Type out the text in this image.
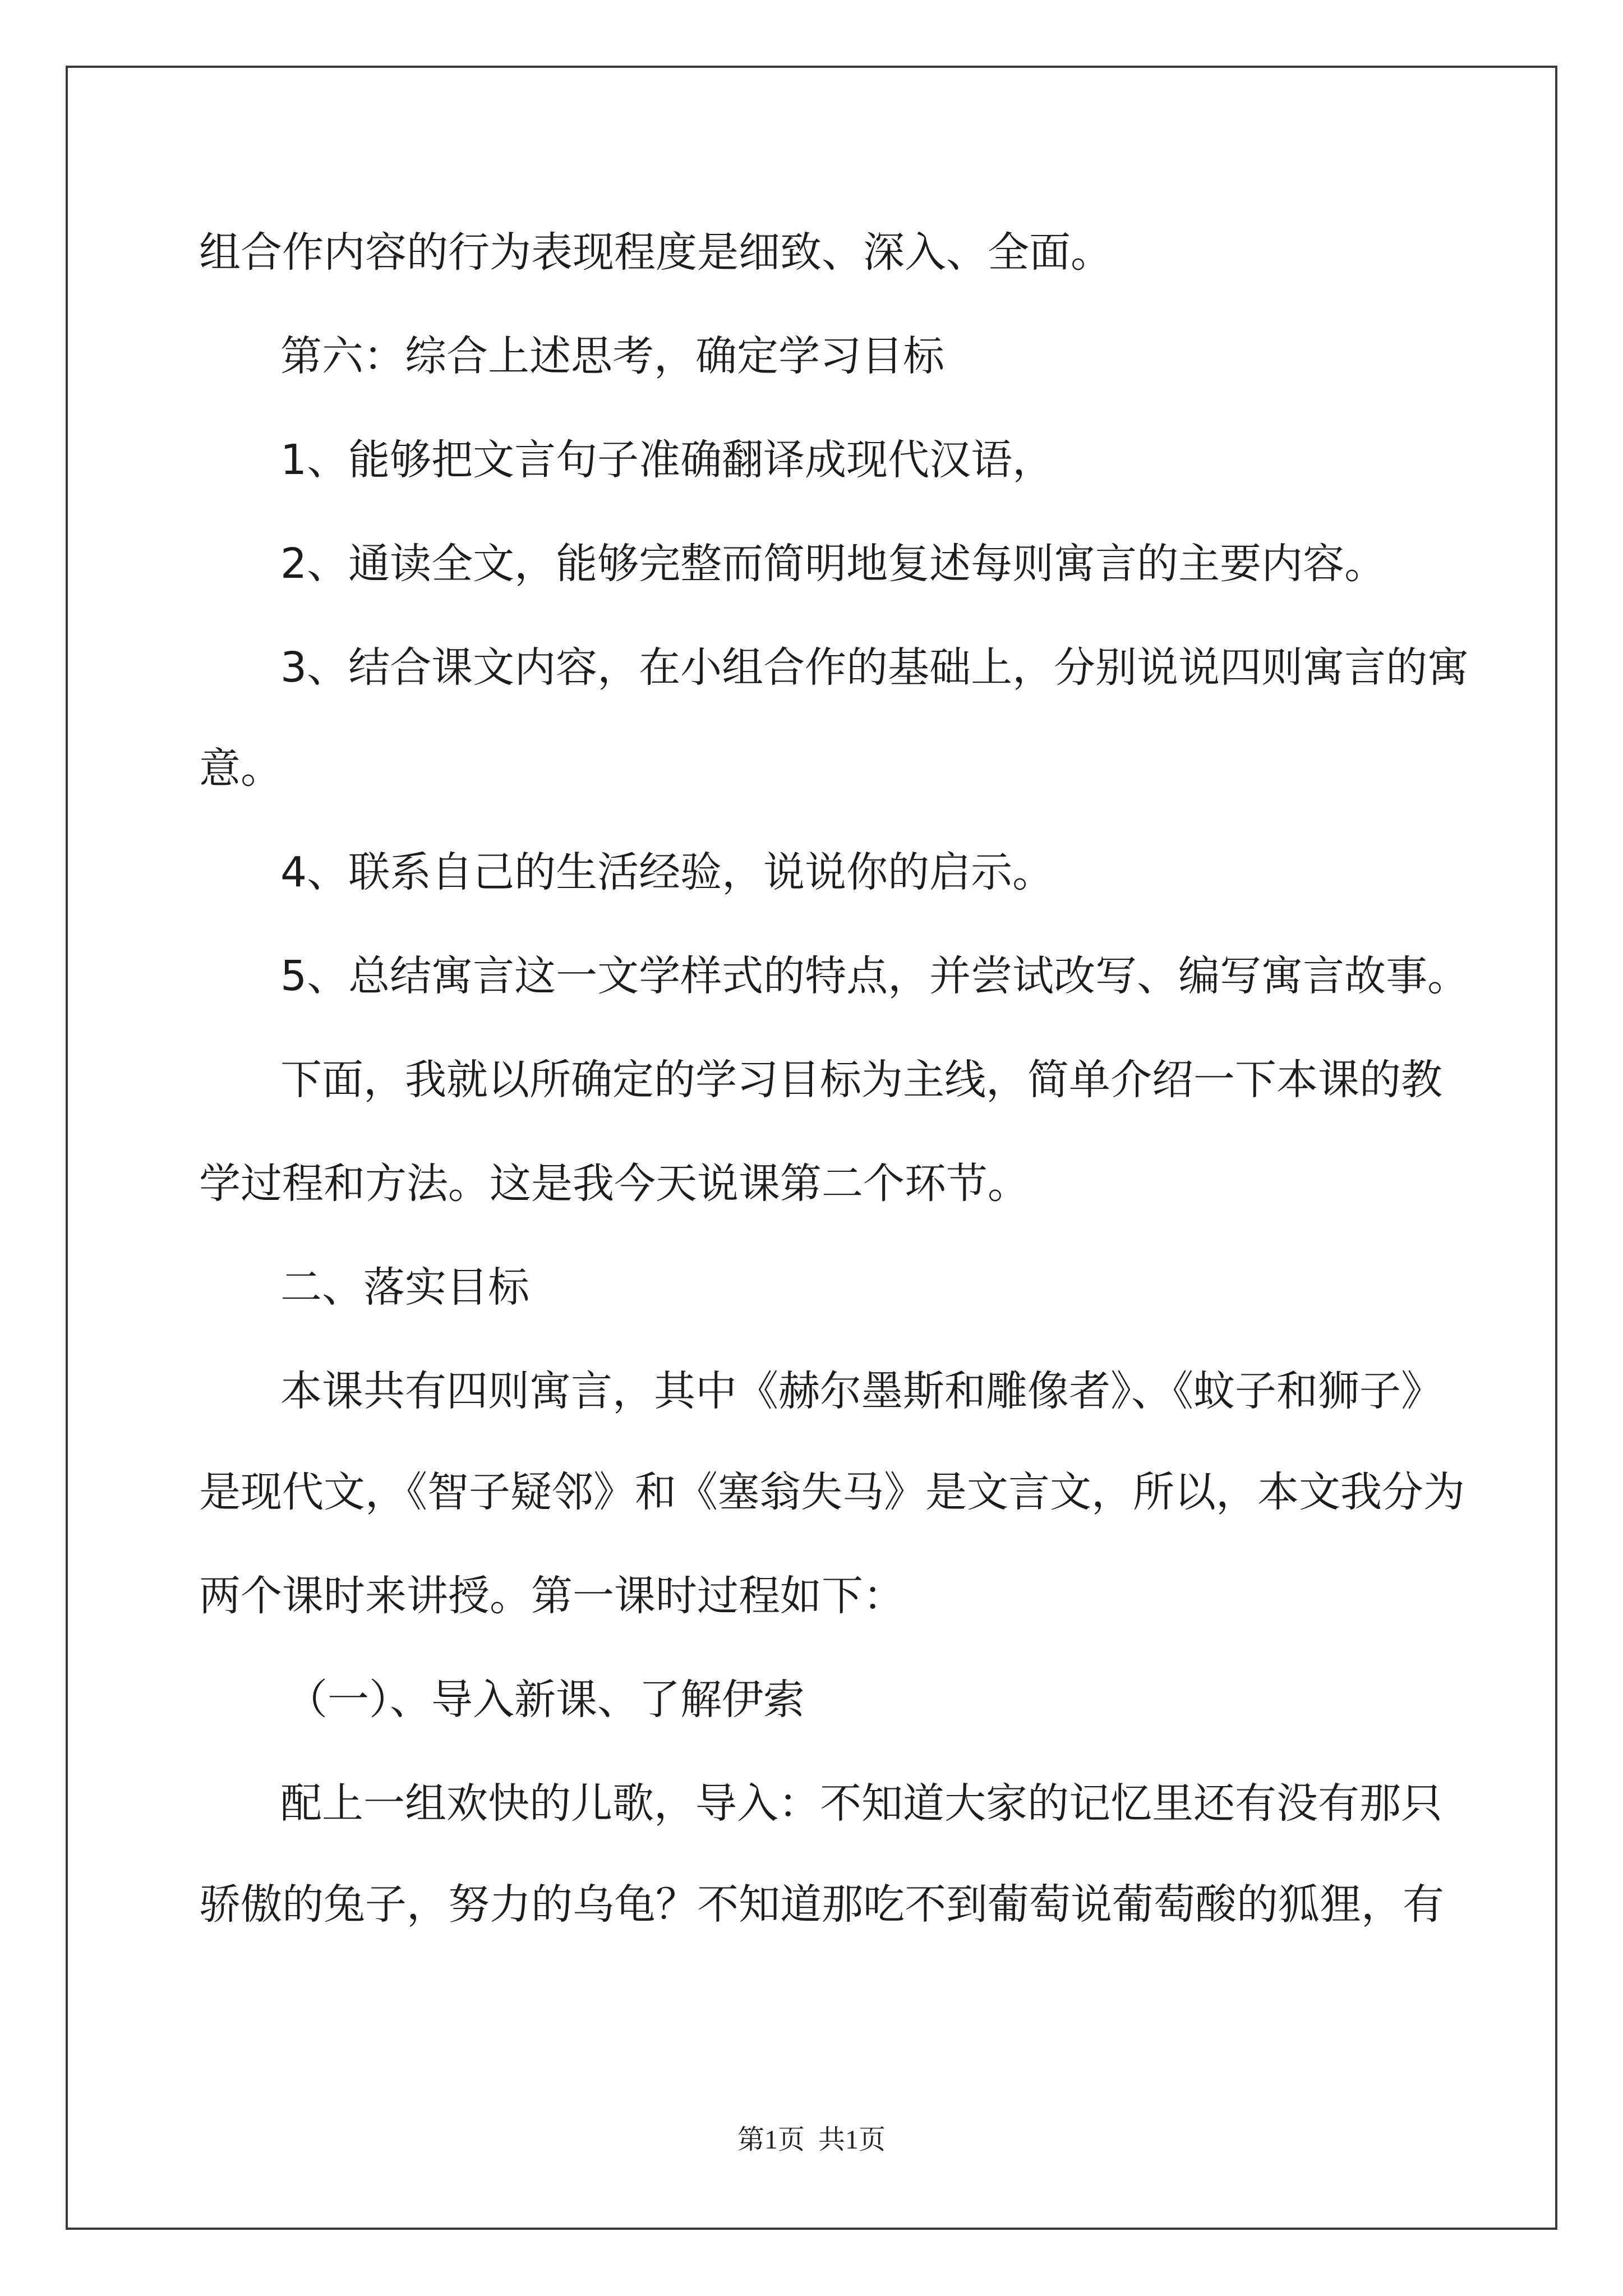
组合作内容的行为表现程度是细致、深入、全面。
第六：综合上述思考，确定学习目标
1、能够把文言句子准确翻译成现代汉语，
2、通读全文，能够完整而简明地复述每则寓言的主要内容。
3、结合课文内容，在小组合作的基础上，分别说说四则寓言的寓
意。
4、联系自己的生活经验，说说你的启示。
5、总结寓言这一文学样式的特点，并尝试改写、编写寓言故事。
下面，我就以所确定的学习目标为主线，简单介绍一下本课的教
学过程和方法。这是我今天说课第二个环节。
二、落实目标
本课共有四则寓言，其中《赫尔墨斯和雕像者》、《蚊子和狮子》
是现代文，《智子疑邻》和《塞翁失马》是文言文，所以，本文我分为
两个课时来讲授。第一课时过程如下：
（一）、导入新课、了解伊索
配上一组欢快的儿歌，导入：不知道大家的记忆里还有没有那只
骄傲的兔子，努力的乌龟？不知道那吃不到葡萄说葡萄酸的狐狸，有
第1页 共1页
